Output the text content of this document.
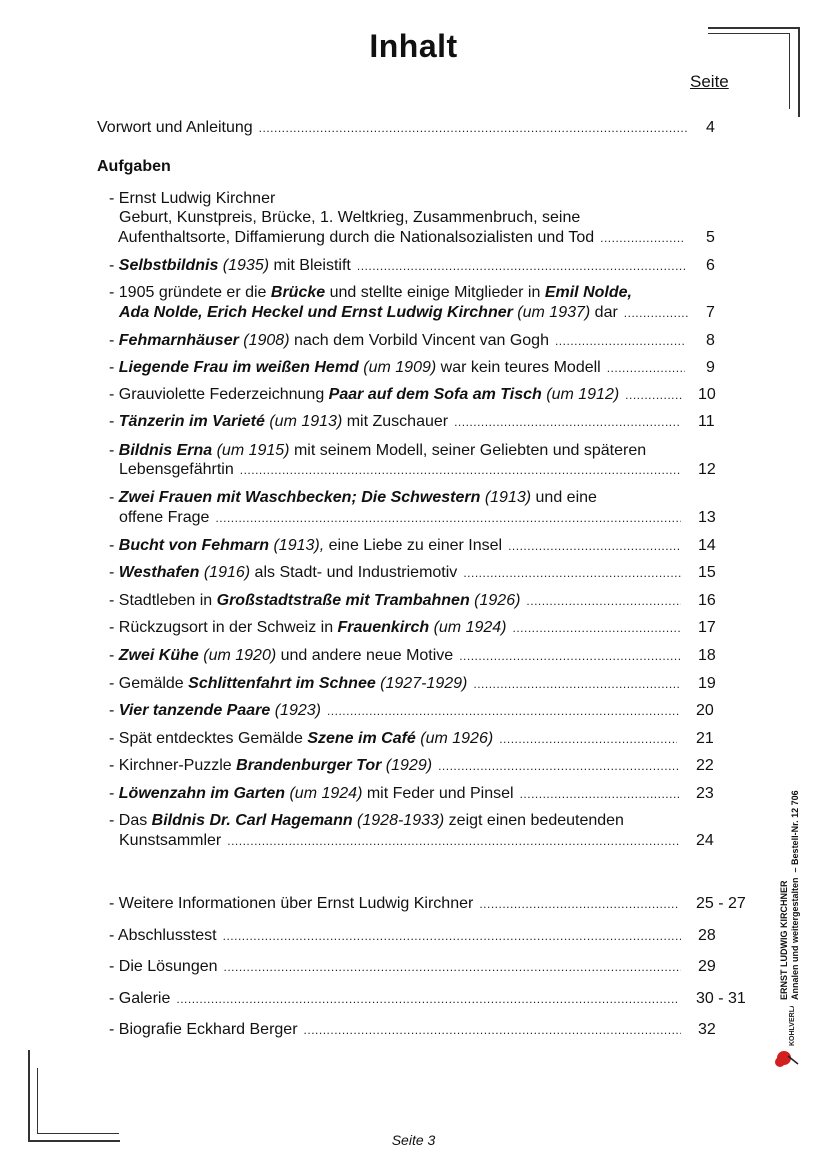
Inhalt
Seite
Vorwort und Anleitung .....	4
Aufgaben
- Ernst Ludwig Kirchner
Geburt, Kunstpreis, Brücke, 1. Weltkrieg, Zusammenbruch, seine
Aufenthaltsorte, Diffamierung durch die Nationalsozialisten und Tod .....	5
- Selbstbildnis (1935) mit Bleistift .....	6
- 1905 gründete er die Brücke und stellte einige Mitglieder in Emil Nolde,
Ada Nolde, Erich Heckel und Ernst Ludwig Kirchner (um 1937) dar .....	7
- Fehmarnhäuser (1908) nach dem Vorbild Vincent van Gogh .....	8
- Liegende Frau im weißen Hemd (um 1909) war kein teures Modell .....	9
- Grauviolette Federzeichnung Paar auf dem Sofa am Tisch (um 1912) .....	10
- Tänzerin im Varieté (um 1913) mit Zuschauer .....	11
- Bildnis Erna (um 1915) mit seinem Modell, seiner Geliebten und späteren
Lebensgefährtin .....	12
- Zwei Frauen mit Waschbecken; Die Schwestern (1913) und eine
offene Frage .....	13
- Bucht von Fehmarn (1913), eine Liebe zu einer Insel .....	14
- Westhafen (1916) als Stadt- und Industriemotiv .....	15
- Stadtleben in Großstadtstraße mit Trambahnen (1926) .....	16
- Rückzugsort in der Schweiz in Frauenkirch (um 1924) .....	17
- Zwei Kühe (um 1920) und andere neue Motive .....	18
- Gemälde Schlittenfahrt im Schnee (1927-1929) .....	19
- Vier tanzende Paare (1923) .....	20
- Spät entdecktes Gemälde Szene im Café (um 1926) .....	21
- Kirchner-Puzzle Brandenburger Tor (1929) .....	22
- Löwenzahn im Garten (um 1924) mit Feder und Pinsel .....	23
- Das Bildnis Dr. Carl Hagemann (1928-1933) zeigt einen bedeutenden
Kunstsammler .....	24
- Weitere Informationen über Ernst Ludwig Kirchner .....	25 - 27
- Abschlusstest .....	28
- Die Lösungen .....	29
- Galerie .....	30 - 31
- Biografie Eckhard Berger .....	32
ERNST LUDWIG KIRCHNER Annalen und weitergestalten  – Bestell-Nr. 12 706
KOHLVERLAG
Seite 3
